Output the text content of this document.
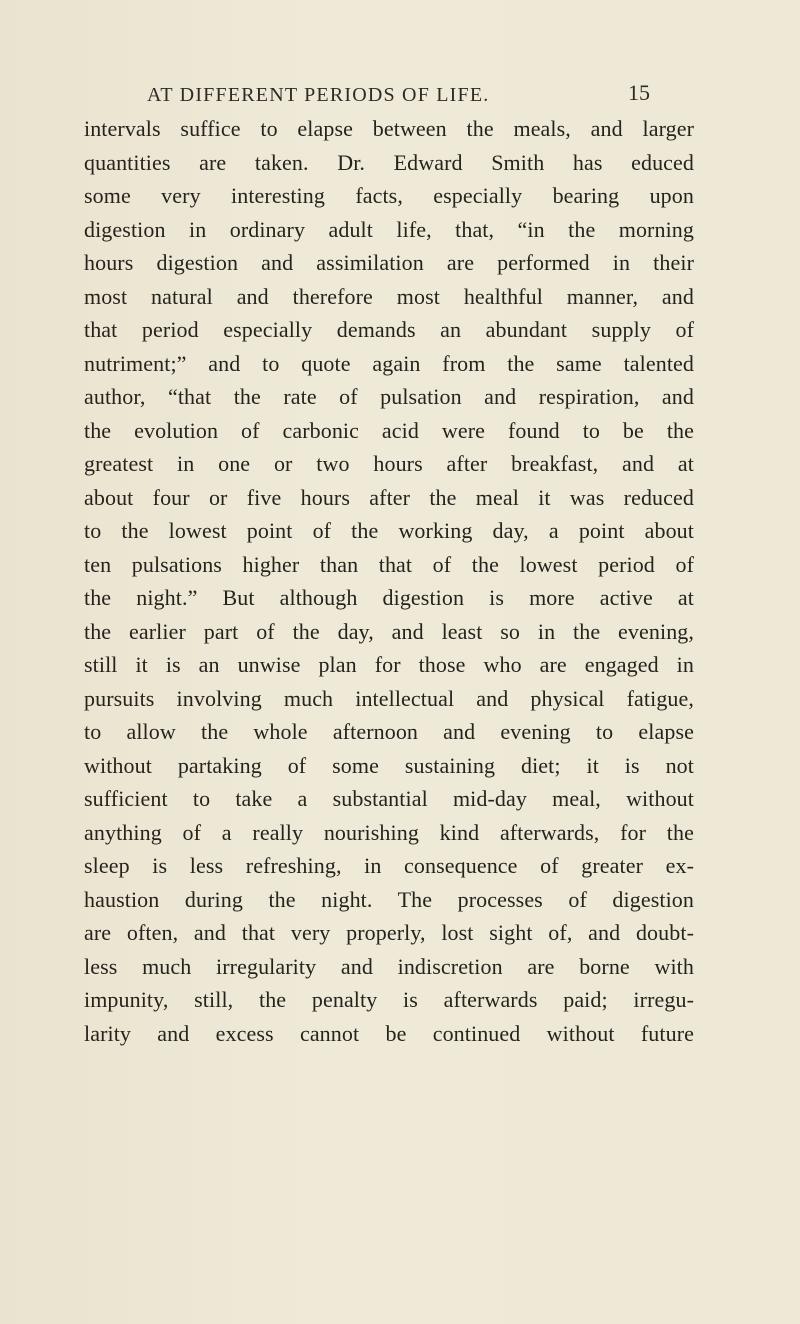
AT DIFFERENT PERIODS OF LIFE.	15
intervals suffice to elapse between the meals, and larger
quantities are taken. Dr. Edward Smith has educed
some very interesting facts, especially bearing upon
digestion in ordinary adult life, that, “in the morning
hours digestion and assimilation are performed in their
most natural and therefore most healthful manner, and
that period especially demands an abundant supply of
nutriment;” and to quote again from the same talented
author, “that the rate of pulsation and respiration, and
the evolution of carbonic acid were found to be the
greatest in one or two hours after breakfast, and at
about four or five hours after the meal it was reduced
to the lowest point of the working day, a point about
ten pulsations higher than that of the lowest period of
the night.” But although digestion is more active at
the earlier part of the day, and least so in the evening,
still it is an unwise plan for those who are engaged in
pursuits involving much intellectual and physical fatigue,
to allow the whole afternoon and evening to elapse
without partaking of some sustaining diet; it is not
sufficient to take a substantial mid-day meal, without
anything of a really nourishing kind afterwards, for the
sleep is less refreshing, in consequence of greater ex-
haustion during the night. The processes of digestion
are often, and that very properly, lost sight of, and doubt-
less much irregularity and indiscretion are borne with
impunity, still, the penalty is afterwards paid; irregu-
larity and excess cannot be continued without future
